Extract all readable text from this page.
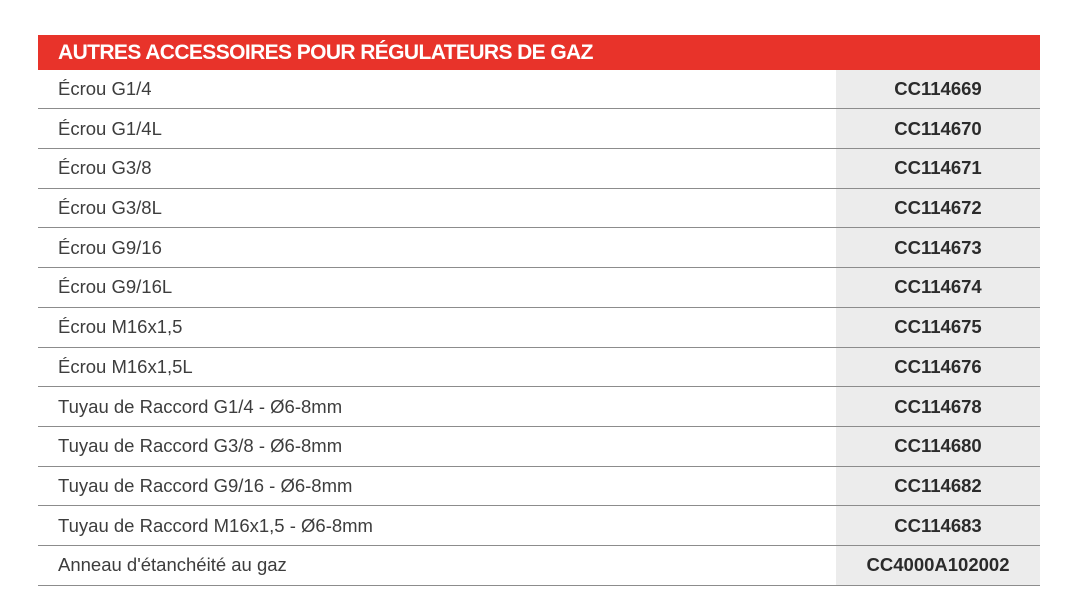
AUTRES ACCESSOIRES POUR RÉGULATEURS DE GAZ
Écrou G1/4	CC114669
Écrou G1/4L	CC114670
Écrou G3/8	CC114671
Écrou G3/8L	CC114672
Écrou G9/16	CC114673
Écrou G9/16L	CC114674
Écrou M16x1,5	CC114675
Écrou M16x1,5L	CC114676
Tuyau de Raccord G1/4 - Ø6-8mm	CC114678
Tuyau de Raccord G3/8 - Ø6-8mm	CC114680
Tuyau de Raccord G9/16 - Ø6-8mm	CC114682
Tuyau de Raccord M16x1,5 - Ø6-8mm	CC114683
Anneau d'étanchéité au gaz	CC4000A102002
